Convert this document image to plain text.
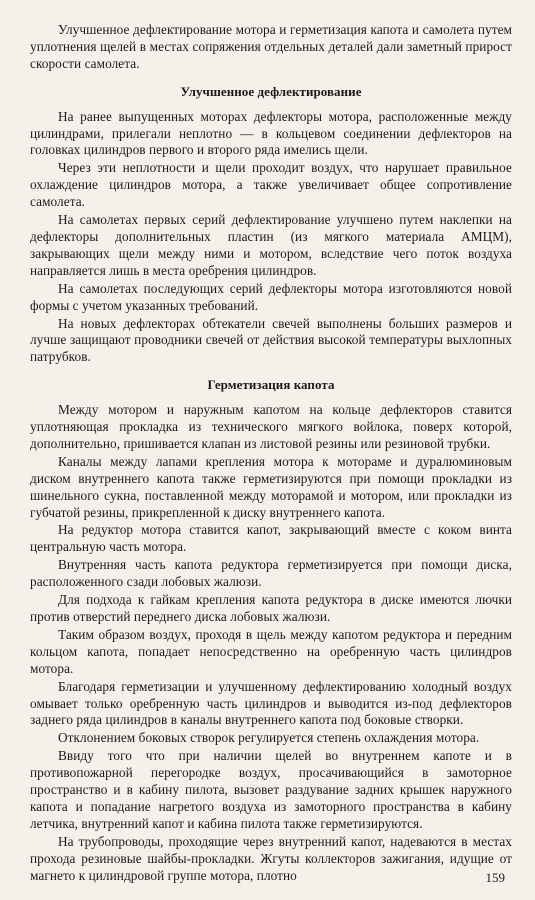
Улучшенное дефлектирование мотора и герметизация капота и самолета путем уплотнения щелей в местах сопряжения отдельных деталей дали заметный прирост скорости самолета.

Улучшенное дефлектирование

На ранее выпущенных моторах дефлекторы мотора, расположенные между цилиндрами, прилегали неплотно — в кольцевом соединении дефлекторов на головках цилиндров первого и второго ряда имелись щели.

Через эти неплотности и щели проходит воздух, что нарушает правильное охлаждение цилиндров мотора, а также увеличивает общее сопротивление самолета.

На самолетах первых серий дефлектирование улучшено путем наклепки на дефлекторы дополнительных пластин (из мягкого материала АМЦМ), закрывающих щели между ними и мотором, вследствие чего поток воздуха направляется лишь в места оребрения цилиндров.

На самолетах последующих серий дефлекторы мотора изготовляются новой формы с учетом указанных требований.

На новых дефлекторах обтекатели свечей выполнены больших размеров и лучше защищают проводники свечей от действия высокой температуры выхлопных патрубков.

Герметизация капота

Между мотором и наружным капотом на кольце дефлекторов ставится уплотняющая прокладка из технического мягкого войлока, поверх которой, дополнительно, пришивается клапан из листовой резины или резиновой трубки.

Каналы между лапами крепления мотора к мотораме и дуралюминовым диском внутреннего капота также герметизируются при помощи прокладки из шинельного сукна, поставленной между моторамой и мотором, или прокладки из губчатой резины, прикрепленной к диску внутреннего капота.

На редуктор мотора ставится капот, закрывающий вместе с коком винта центральную часть мотора.

Внутренняя часть капота редуктора герметизируется при помощи диска, расположенного сзади лобовых жалюзи.

Для подхода к гайкам крепления капота редуктора в диске имеются лючки против отверстий переднего диска лобовых жалюзи.

Таким образом воздух, проходя в щель между капотом редуктора и передним кольцом капота, попадает непосредственно на оребренную часть цилиндров мотора.

Благодаря герметизации и улучшенному дефлектированию холодный воздух омывает только оребренную часть цилиндров и выводится из-под дефлекторов заднего ряда цилиндров в каналы внутреннего капота под боковые створки.

Отклонением боковых створок регулируется степень охлаждения мотора.

Ввиду того что при наличии щелей во внутреннем капоте и в противопожарной перегородке воздух, просачивающийся в замоторное пространство и в кабину пилота, вызовет раздувание задних крышек наружного капота и попадание нагретого воздуха из замоторного пространства в кабину летчика, внутренний капот и кабина пилота также герметизируются.

На трубопроводы, проходящие через внутренний капот, надеваются в местах прохода резиновые шайбы-прокладки. Жгуты коллекторов зажигания, идущие от магнето к цилиндровой группе мотора, плотно	159
